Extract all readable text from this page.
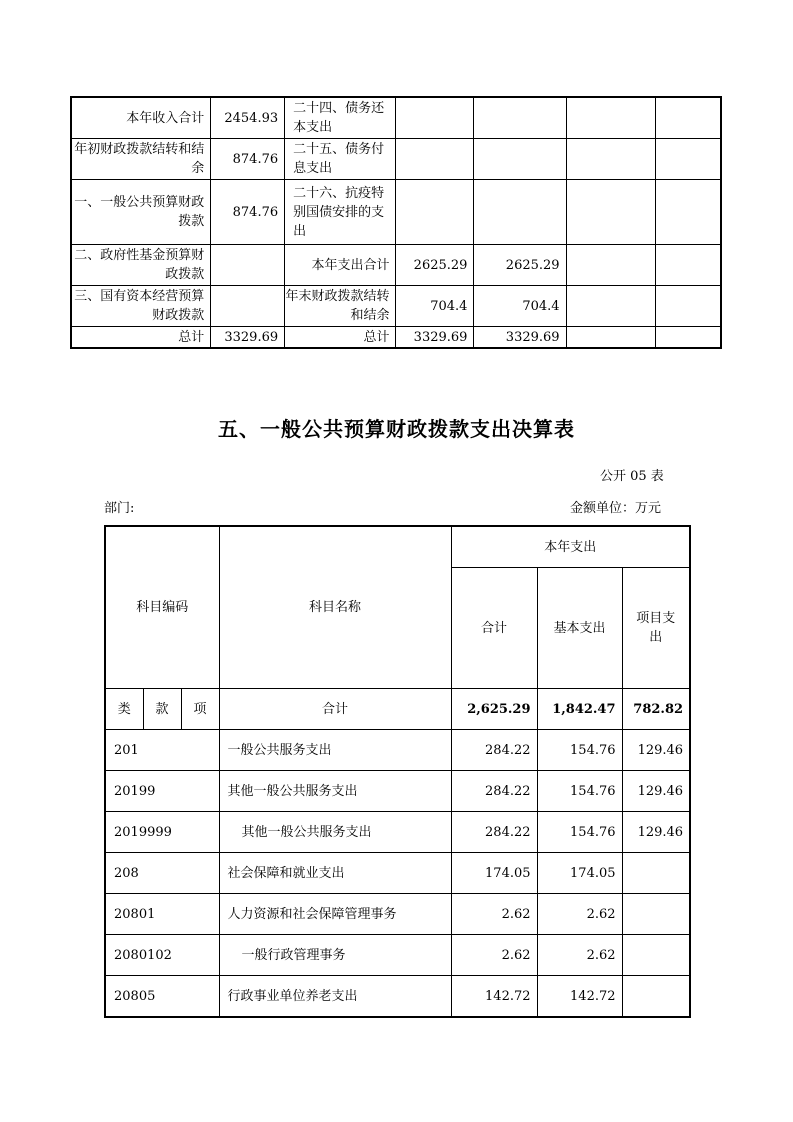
本年收入合计	2454.93	二十四、债务还本支出				
年初财政拨款结转和结余	874.76	二十五、债务付息支出				
一、一般公共预算财政拨款	874.76	二十六、抗疫特别国债安排的支出				
二、政府性基金预算财政拨款		本年支出合计	2625.29	2625.29		
三、国有资本经营预算财政拨款		年末财政拨款结转和结余	704.4	704.4		
总计	3329.69	总计	3329.69	3329.69		
五、一般公共预算财政拨款支出决算表
公开 05 表
部门:	金额单位：万元
科目编码			科目名称	本年支出		
				合计	基本支出	项目支出
类	款	项	合计	2,625.29	1,842.47	782.82
201			一般公共服务支出	284.22	154.76	129.46
20199			其他一般公共服务支出	284.22	154.76	129.46
2019999			其他一般公共服务支出	284.22	154.76	129.46
208			社会保障和就业支出	174.05	174.05	
20801			人力资源和社会保障管理事务	2.62	2.62	
2080102			一般行政管理事务	2.62	2.62	
20805			行政事业单位养老支出	142.72	142.72	
